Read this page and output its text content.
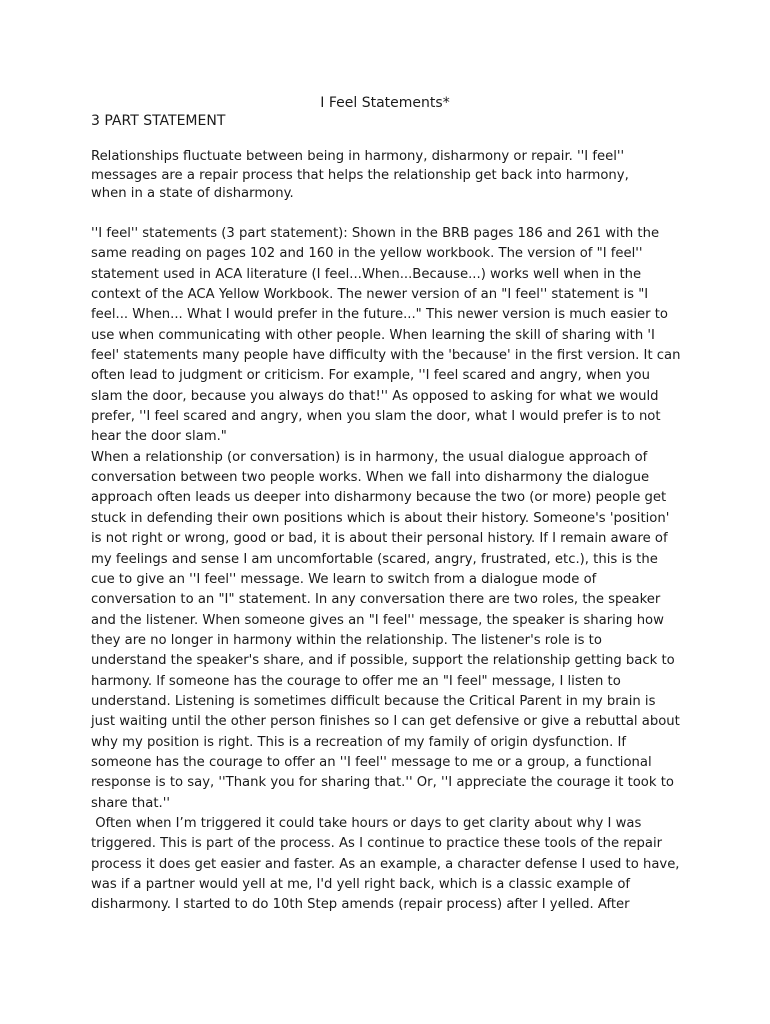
I Feel Statements*
3 PART STATEMENT

Relationships fluctuate between being in harmony, disharmony or repair. ''I feel'' messages are a repair process that helps the relationship get back into harmony, when in a state of disharmony.

''I feel'' statements (3 part statement): Shown in the BRB pages 186 and 261 with the same reading on pages 102 and 160 in the yellow workbook. The version of "I feel'' statement used in ACA literature (I feel...When...Because...) works well when in the context of the ACA Yellow Workbook. The newer version of an "I feel'' statement is "I feel... When... What I would prefer in the future..." This newer version is much easier to use when communicating with other people. When learning the skill of sharing with 'I feel' statements many people have difficulty with the 'because' in the first version. It can often lead to judgment or criticism. For example, ''I feel scared and angry, when you slam the door, because you always do that!'' As opposed to asking for what we would prefer, ''I feel scared and angry, when you slam the door, what I would prefer is to not hear the door slam."

When a relationship (or conversation) is in harmony, the usual dialogue approach of conversation between two people works. When we fall into disharmony the dialogue approach often leads us deeper into disharmony because the two (or more) people get stuck in defending their own positions which is about their history. Someone's 'position' is not right or wrong, good or bad, it is about their personal history. If I remain aware of my feelings and sense I am uncomfortable (scared, angry, frustrated, etc.), this is the cue to give an ''I feel'' message. We learn to switch from a dialogue mode of conversation to an "I" statement. In any conversation there are two roles, the speaker and the listener. When someone gives an "I feel'' message, the speaker is sharing how they are no longer in harmony within the relationship. The listener's role is to understand the speaker's share, and if possible, support the relationship getting back to harmony. If someone has the courage to offer me an "I feel" message, I listen to understand. Listening is sometimes difficult because the Critical Parent in my brain is just waiting until the other person finishes so I can get defensive or give a rebuttal about why my position is right. This is a recreation of my family of origin dysfunction. If someone has the courage to offer an ''I feel'' message to me or a group, a functional response is to say, ''Thank you for sharing that.'' Or, ''I appreciate the courage it took to share that.''

Often when I’m triggered it could take hours or days to get clarity about why I was triggered. This is part of the process. As I continue to practice these tools of the repair process it does get easier and faster. As an example, a character defense I used to have, was if a partner would yell at me, I'd yell right back, which is a classic example of disharmony. I started to do 10th Step amends (repair process) after I yelled. After
